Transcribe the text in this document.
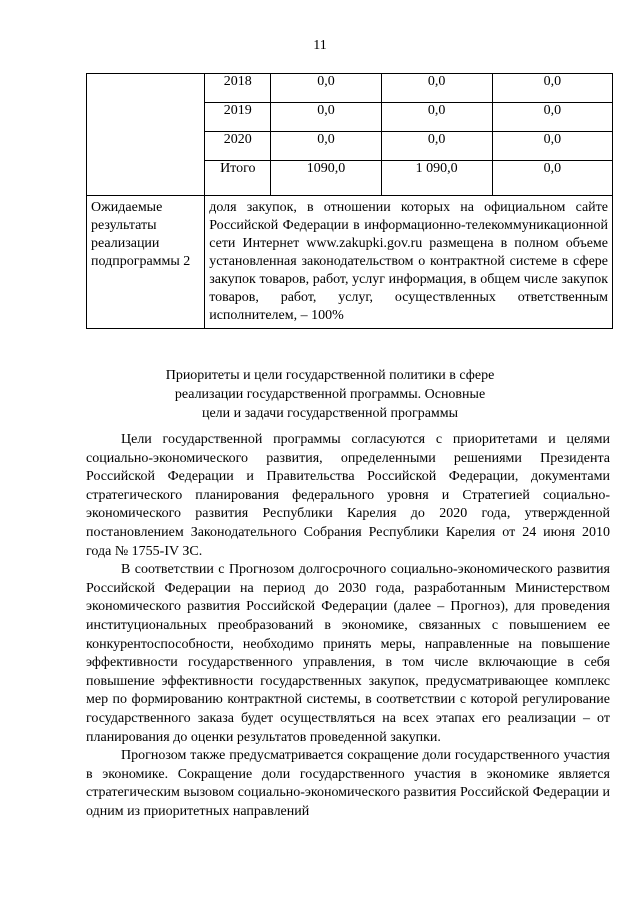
11
	2018	0,0	0,0	0,0
	2019	0,0	0,0	0,0
	2020	0,0	0,0	0,0
	Итого	1090,0	1 090,0	0,0
Ожидаемые результаты реализации подпрограммы 2	доля закупок, в отношении которых на официальном сайте Российской Федерации в информационно-телекоммуникационной сети Интернет www.zakupki.gov.ru размещена в полном объеме установленная законодательством о контрактной системе в сфере закупок товаров, работ, услуг информация, в общем числе закупок товаров, работ, услуг, осуществленных ответственным исполнителем, – 100%			
Приоритеты и цели государственной политики в сфере реализации государственной программы. Основные цели и задачи государственной программы

Цели государственной программы согласуются с приоритетами и целями социально-экономического развития, определенными решениями Президента Российской Федерации и Правительства Российской Федерации, документами стратегического планирования федерального уровня и Стратегией социально-экономического развития Республики Карелия до 2020 года, утвержденной постановлением Законодательного Собрания Республики Карелия от 24 июня 2010 года № 1755-IV ЗС.

В соответствии с Прогнозом долгосрочного социально-экономического развития Российской Федерации на период до 2030 года, разработанным Министерством экономического развития Российской Федерации (далее – Прогноз), для проведения институциональных преобразований в экономике, связанных с повышением ее конкурентоспособности, необходимо принять меры, направленные на повышение эффективности государственного управления, в том числе включающие в себя повышение эффективности государственных закупок, предусматривающее комплекс мер по формированию контрактной системы, в соответствии с которой регулирование государственного заказа будет осуществляться на всех этапах его реализации – от планирования до оценки результатов проведенной закупки.

Прогнозом также предусматривается сокращение доли государственного участия в экономике. Сокращение доли государственного участия в экономике является стратегическим вызовом социально-экономического развития Российской Федерации и одним из приоритетных направлений
